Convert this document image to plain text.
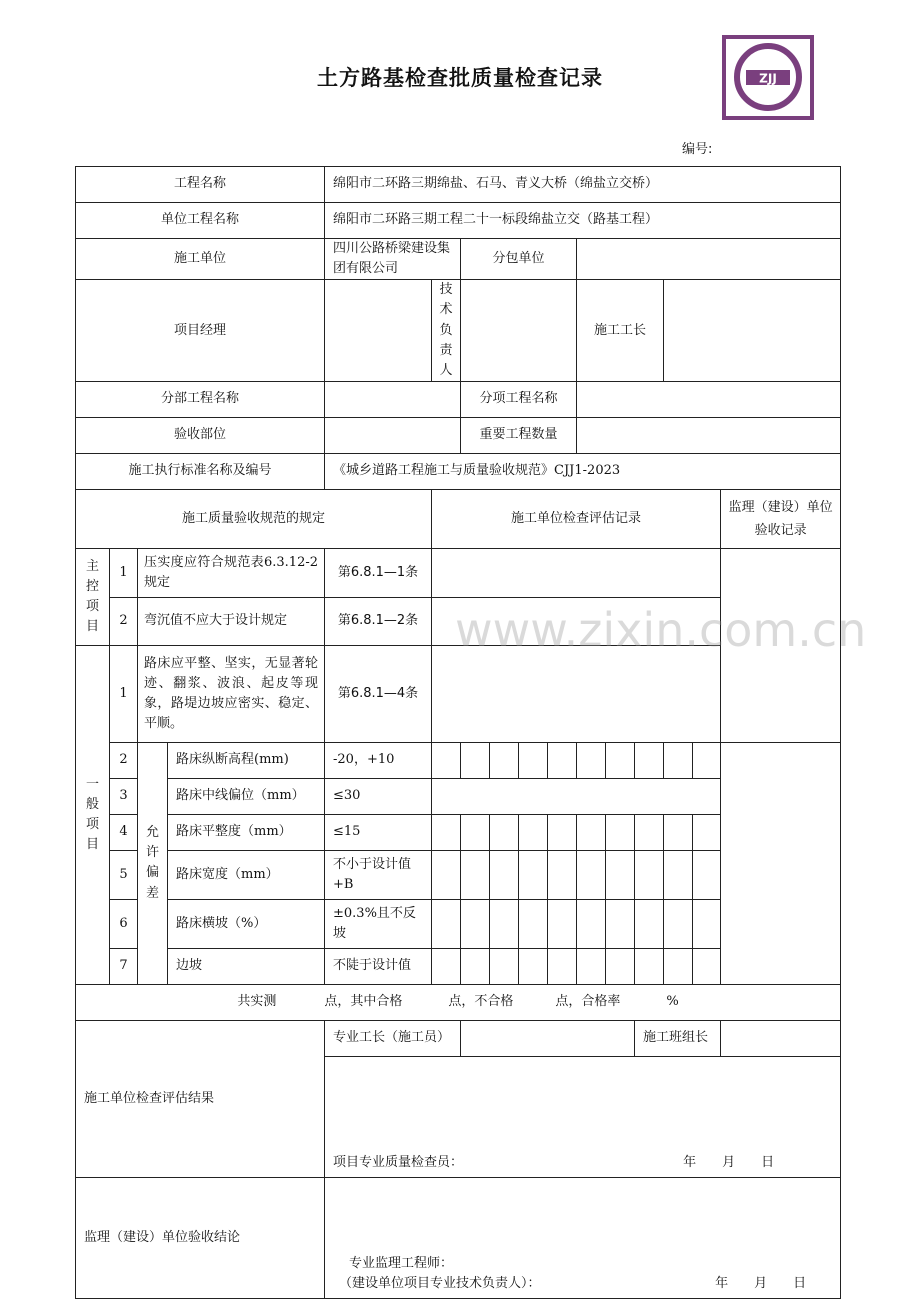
土方路基检查批质量检查记录	ZJJ
编号:
工程名称				绵阳市二环路三期绵盐、石马、青义大桥（绵盐立交桥）											
单位工程名称				绵阳市二环路三期工程二十一标段绵盐立交（路基工程）											
施工单位				四川公路桥梁建设集团有限公司		分包单位									
项目经理					技术负责人					施工工长					
分部工程名称						分项工程名称									
验收部位						重要工程数量									
施工执行标准名称及编号				《城乡道路工程施工与质量验收规范》CJJ1-2023											
施工质量验收规范的规定					施工单位检查评估记录										监理（建设）单位验收记录
主控项目	1	压实度应符合规范表6.3.12-2规定		第6.8.1—1条											
	2	弯沉值不应大于设计规定		第6.8.1—2条											
一般项目	1	路床应平整、坚实，无显著轮迹、翻浆、波浪、起皮等现象，路堤边坡应密实、稳定、平顺。		第6.8.1—4条											
	2	允许偏差	路床纵断高程(mm)	-20，+10											
	3		路床中线偏位（mm）	≤30											
	4		路床平整度（mm）	≤15											
	5		路床宽度（mm）	不小于设计值+B											
	6		路床横坡（%）	±0.3%且不反坡											
	7		边坡	不陡于设计值											
共实测 点，其中合格 点，不合格 点，合格率 %															
施工单位检查评估结果				专业工长（施工员）								施工班组长			

				项目专业质量检查员： 年　　月　　日											

监理（建设）单位验收结论				专业监理工程师：
（建设单位项目专业技术负责人）： 年　　月　　日											
www.zixin.com.cn
